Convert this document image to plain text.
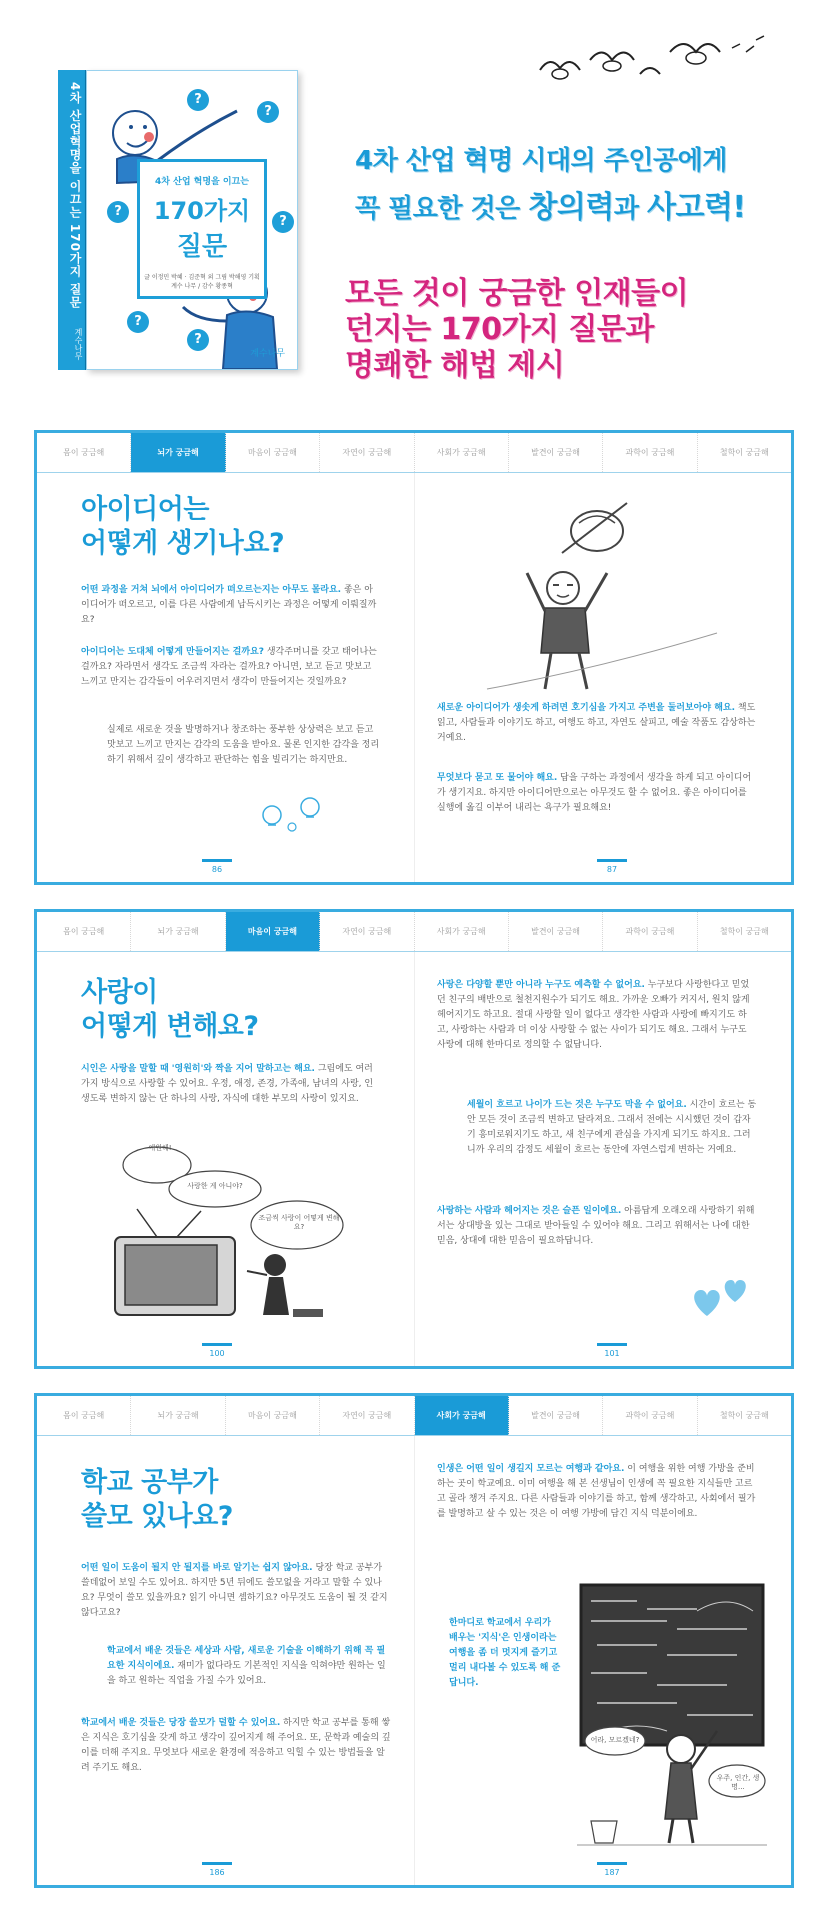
4차 산업혁명을 이끄는 170가지 질문
계수나무
?
?
?
?
?
?
4차 산업 혁명을 이끄는
170가지
질문
글 이정민 박혜 · 김준혁 외 그림 박해영 기획 계수 나무 / 감수 황종혁
계수나무
4차 산업 혁명 시대의 주인공에게
꼭 필요한 것은 창의력과 사고력!
모든 것이 궁금한 인재들이
던지는 170가지 질문과
명쾌한 해법 제시
몸이 궁금해	뇌가 궁금해	마음이 궁금해	자연이 궁금해	사회가 궁금해	발견이 궁금해	과학이 궁금해	철학이 궁금해
아이디어는
어떻게 생기나요?
어떤 과정을 거쳐 뇌에서 아이디어가 떠오르는지는 아무도 몰라요. 좋은 아이디어가 떠오르고, 이를 다른 사람에게 납득시키는 과정은 어떻게 이뤄질까요?
아이디어는 도대체 어떻게 만들어지는 걸까요? 생각주머니를 갖고 태어나는 걸까요? 자라면서 생각도 조금씩 자라는 걸까요? 아니면, 보고 듣고 맛보고 느끼고 만지는 감각들이 어우러지면서 생각이 만들어지는 것일까요?
실제로 새로운 것을 발명하거나 창조하는 풍부한 상상력은 보고 듣고 맛보고 느끼고 만지는 감각의 도움을 받아요. 물론 인지한 감각을 정리하기 위해서 깊이 생각하고 판단하는 힘을 빌리기는 하지만요.
새로운 아이디어가 생솟게 하려면 호기심을 가지고 주변을 둘러보아야 해요. 책도 읽고, 사람들과 이야기도 하고, 여행도 하고, 자연도 살피고, 예술 작품도 감상하는 거예요.
무엇보다 묻고 또 물어야 해요. 답을 구하는 과정에서 생각을 하게 되고 아이디어가 생기지요. 하지만 아이디어만으로는 아무것도 할 수 없어요. 좋은 아이디어를 실행에 옮길 이부어 내리는 욕구가 필요해요!
86	87
몸이 궁금해	뇌가 궁금해	마음이 궁금해	자연이 궁금해	사회가 궁금해	발견이 궁금해	과학이 궁금해	철학이 궁금해
사랑이
어떻게 변해요?
시인은 사랑을 말할 때 '영원히'와 짝을 지어 말하고는 해요. 그림에도 여러 가지 방식으로 사랑할 수 있어요. 우정, 애정, 존경, 가족애, 남녀의 사랑, 인생도록 변하지 않는 단 하나의 사랑, 자식에 대한 부모의 사랑이 있지요.
애원해!
사랑한 게 아니야?
조금씩 사랑이 어떻게 변해요?
사랑은 다양할 뿐만 아니라 누구도 예측할 수 없어요. 누구보다 사랑한다고 믿었던 친구의 배반으로 철천지원수가 되기도 해요. 가까운 오빠가 커지서, 원치 않게 헤어지기도 하고요. 절대 사랑할 일이 없다고 생각한 사람과 사랑에 빠지기도 하고, 사랑하는 사람과 더 이상 사랑할 수 없는 사이가 되기도 해요. 그래서 누구도 사랑에 대해 한마디로 정의할 수 없답니다.
세월이 흐르고 나이가 드는 것은 누구도 막을 수 없어요. 시간이 흐르는 동안 모든 것이 조금씩 변하고 달라져요. 그래서 전에는 시시했던 것이 갑자기 흥미로워지기도 하고, 새 친구에게 관심을 가지게 되기도 하지요. 그러니까 우리의 감정도 세월이 흐르는 동안에 자연스럽게 변하는 거예요.
사랑하는 사람과 헤어지는 것은 슬픈 일이에요. 아름답게 오래오래 사랑하기 위해서는 상대방을 있는 그대로 받아들일 수 있어야 해요. 그리고 위해서는 나에 대한 믿음, 상대에 대한 믿음이 필요하답니다.
100	101
몸이 궁금해	뇌가 궁금해	마음이 궁금해	자연이 궁금해	사회가 궁금해	발견이 궁금해	과학이 궁금해	철학이 궁금해
학교 공부가
쓸모 있나요?
어떤 일이 도움이 될지 안 될지를 바로 알기는 쉽지 않아요. 당장 학교 공부가 쓸데없어 보일 수도 있어요. 하지만 5년 뒤에도 쓸모없을 거라고 말할 수 있나요? 무엇이 쓸모 있을까요? 읽기 아니면 셈하기요? 아무것도 도움이 될 것 같지 않다고요?
학교에서 배운 것들은 세상과 사람, 새로운 기술을 이해하기 위해 꼭 필요한 지식이에요. 재미가 없다라도 기본적인 지식을 익혀야만 원하는 일을 하고 원하는 직업을 가질 수가 있어요.
학교에서 배운 것들은 당장 쓸모가 덜할 수 있어요. 하지만 학교 공부를 통해 쌓은 지식은 호기심을 갖게 하고 생각이 깊어지게 해 주어요. 또, 문학과 예술의 깊이를 더해 주지요. 무엇보다 새로운 환경에 적응하고 익힐 수 있는 방법들을 알려 주기도 해요.
인생은 어떤 일이 생길지 모르는 여행과 같아요. 이 여행을 위한 여행 가방을 준비하는 곳이 학교예요. 이미 여행을 해 본 선생님이 인생에 꼭 필요한 지식들만 고르고 골라 챙겨 주지요. 다른 사람들과 이야기를 하고, 함께 생각하고, 사회에서 필가를 발명하고 살 수 있는 것은 이 여행 가방에 담긴 지식 덕분이에요.
한마디로 학교에서 우리가 배우는 '지식'은 인생이라는 여행을 좀 더 멋지게 즐기고 멀리 내다볼 수 있도록 해 준답니다.
어라, 모르겠네?
우주, 인간, 생명...
186	187
